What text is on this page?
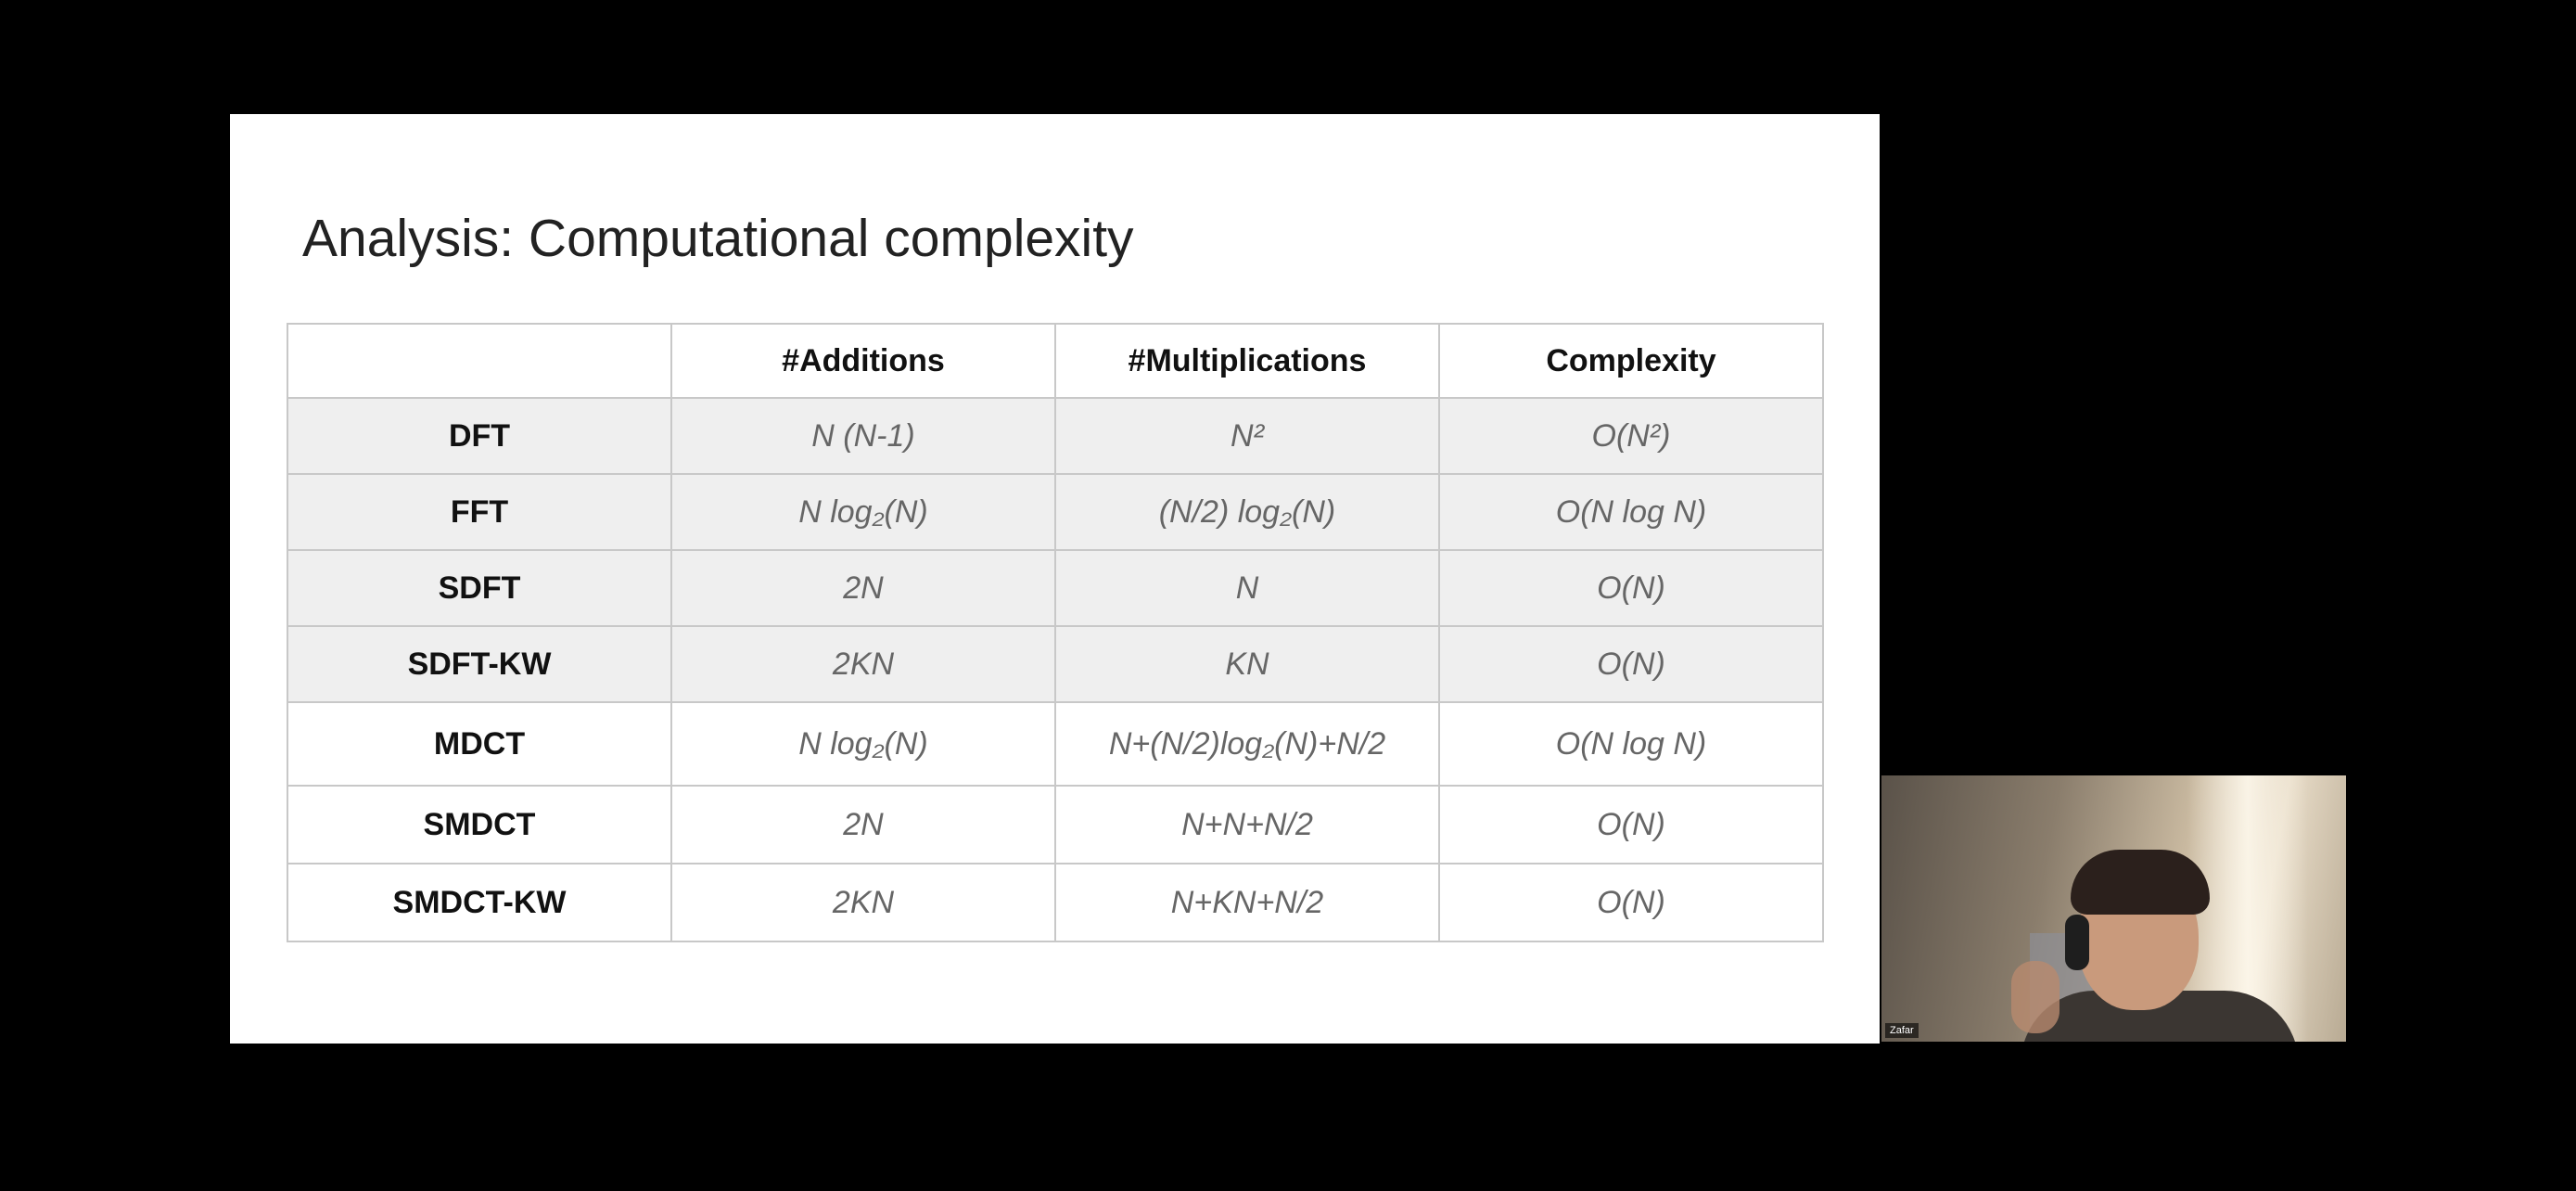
Analysis: Computational complexity
	#Additions	#Multiplications	Complexity
DFT	N (N-1)	N²	O(N²)
FFT	N log₂(N)	(N/2) log₂(N)	O(N log N)
SDFT	2N	N	O(N)
SDFT-KW	2KN	KN	O(N)
MDCT	N log₂(N)	N+(N/2)log₂(N)+N/2	O(N log N)
SMDCT	2N	N+N+N/2	O(N)
SMDCT-KW	2KN	N+KN+N/2	O(N)
Zafar
